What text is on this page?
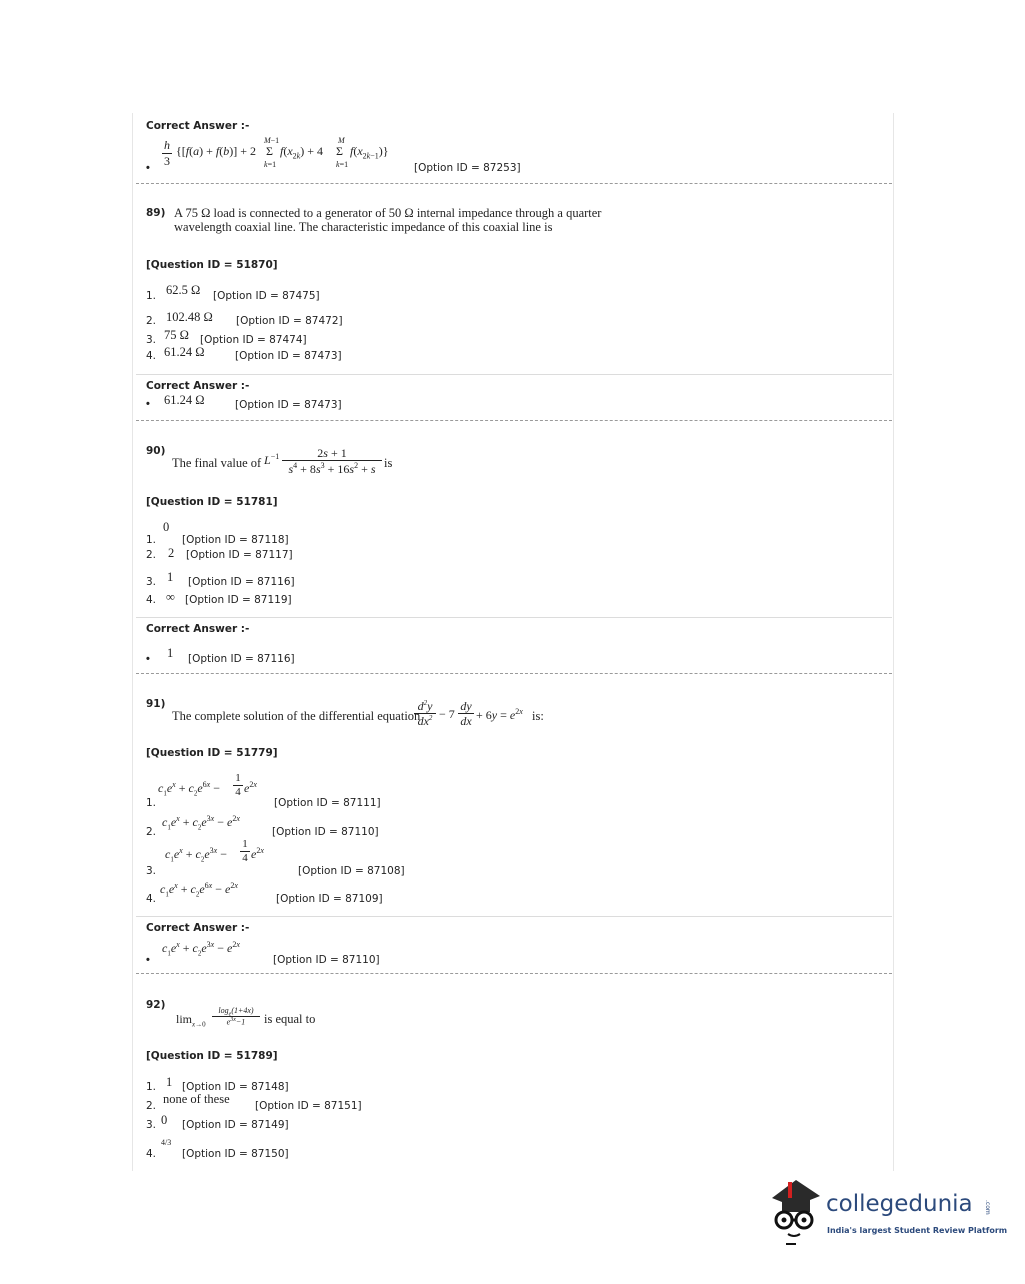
Correct Answer :-
$\frac{h}{3} \{[f(a) + f(b)] + 2$
M−1
Σ
k=1
$f(x_{2k}) + 4$
M
Σ
k=1
$f(x_{2k-1})$}
•	[Option ID = 87253]
89) A 75 Ω load is connected to a generator of 50 Ω internal impedance through a quarter
wavelength coaxial line. The characteristic impedance of this coaxial line is
[Question ID = 51870]
1. 62.5 Ω [Option ID = 87475]
2. 102.48 Ω [Option ID = 87472]
3. 75 Ω [Option ID = 87474]
4. 61.24 Ω	[Option ID = 87473]
Correct Answer :-
• 61.24 Ω	[Option ID = 87473]
90)
The final value of $L^{-1}$	2s + 1
$s^4 + 8s^3 + 16s^2 + s$ is
[Question ID = 51781]
1.
0
[Option ID = 87118]
2. 2 [Option ID = 87117]
3. 1 [Option ID = 87116]
4. ∞ [Option ID = 87119]
Correct Answer :-
• 1 [Option ID = 87116]
91)
The complete solution of the differential equation
$d^2y$
$dx^2 - 7$
dy
dx + $6y = e^{2x}$ is:
[Question ID = 51779]
$c_1e^x + c_2e^{6x}$ −
1
4 $e^{2x}$
1.	[Option ID = 87111]
$c_1e^x + c_2e^{3x} - e^{2x}$
2.	[Option ID = 87110]
$c_1e^x + c_2e^{3x}$ −
1
4 $e^{2x}$
3.	[Option ID = 87108]
$c_1e^x + c_2e^{6x} - e^{2x}$
4.	[Option ID = 87109]
Correct Answer :-
$c_1e^x + c_2e^{3x} - e^{2x}$
•	[Option ID = 87110]
92)
$\lim_{x\to 0}$
$\log_e(1+4x)$
$e^{3x}-1$	is equal to
[Question ID = 51789]
1. 1 [Option ID = 87148]
2. none of these [Option ID = 87151]
3. 0 [Option ID = 87149]
4.
4/3
[Option ID = 87150]
collegedunia .com
India's largest Student Review Platform
